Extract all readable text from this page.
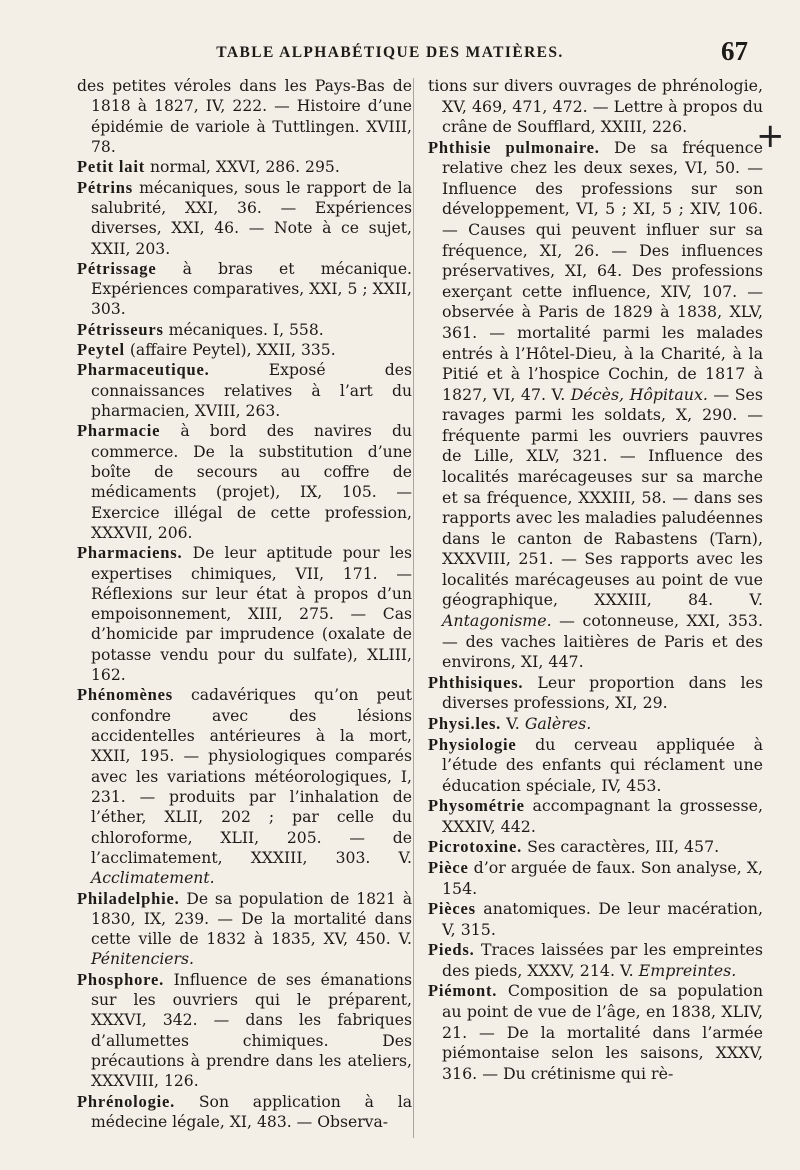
TABLE ALPHABÉTIQUE DES MATIÈRES.	67
+

des petites véroles dans les Pays-Bas de 1818 à 1827, IV, 222. — Histoire d’une épidémie de variole à Tuttlingen. XVIII, 78.

Petit lait normal, XXVI, 286. 295.

Pétrins mécaniques, sous le rapport de la salubrité, XXI, 36. — Expériences diverses, XXI, 46. — Note à ce sujet, XXII, 203.

Pétrissage à bras et mécanique. Expériences comparatives, XXI, 5 ; XXII, 303.

Pétrisseurs mécaniques. I, 558.

Peytel (affaire Peytel), XXII, 335.

Pharmaceutique. Exposé des connaissances relatives à l’art du pharmacien, XVIII, 263.

Pharmacie à bord des navires du commerce. De la substitution d’une boîte de secours au coffre de médicaments (projet), IX, 105. — Exercice illégal de cette profession, XXXVII, 206.

Pharmaciens. De leur aptitude pour les expertises chimiques, VII, 171. — Réflexions sur leur état à propos d’un empoisonnement, XIII, 275. — Cas d’homicide par imprudence (oxalate de potasse vendu pour du sulfate), XLIII, 162.

Phénomènes cadavériques qu’on peut confondre avec des lésions accidentelles antérieures à la mort, XXII, 195. — physiologiques comparés avec les variations météorologiques, I, 231. — produits par l’inhalation de l’éther, XLII, 202 ; par celle du chloroforme, XLII, 205. — de l’acclimatement, XXXIII, 303. V. Acclimatement.

Philadelphie. De sa population de 1821 à 1830, IX, 239. — De la mortalité dans cette ville de 1832 à 1835, XV, 450. V. Pénitenciers.

Phosphore. Influence de ses émanations sur les ouvriers qui le préparent, XXXVI, 342. — dans les fabriques d’allumettes chimiques. Des précautions à prendre dans les ateliers, XXXVIII, 126.

Phrénologie. Son application à la médecine légale, XI, 483. — Observa-

tions sur divers ouvrages de phrénologie, XV, 469, 471, 472. — Lettre à propos du crâne de Soufflard, XXIII, 226.

Phthisie pulmonaire. De sa fréquence relative chez les deux sexes, VI, 50. — Influence des professions sur son développement, VI, 5 ; XI, 5 ; XIV, 106. — Causes qui peuvent influer sur sa fréquence, XI, 26. — Des influences préservatives, XI, 64. Des professions exerçant cette influence, XIV, 107. — observée à Paris de 1829 à 1838, XLV, 361. — mortalité parmi les malades entrés à l’Hôtel-Dieu, à la Charité, à la Pitié et à l’hospice Cochin, de 1817 à 1827, VI, 47. V. Décès, Hôpitaux. — Ses ravages parmi les soldats, X, 290. — fréquente parmi les ouvriers pauvres de Lille, XLV, 321. — Influence des localités marécageuses sur sa marche et sa fréquence, XXXIII, 58. — dans ses rapports avec les maladies paludéennes dans le canton de Rabastens (Tarn), XXXVIII, 251. — Ses rapports avec les localités marécageuses au point de vue géographique, XXXIII, 84. V. Antagonisme. — cotonneuse, XXI, 353. — des vaches laitières de Paris et des environs, XI, 447.

Phthisiques. Leur proportion dans les diverses professions, XI, 29.

Physi.les. V. Galères.

Physiologie du cerveau appliquée à l’étude des enfants qui réclament une éducation spéciale, IV, 453.

Physométrie accompagnant la grossesse, XXXIV, 442.

Picrotoxine. Ses caractères, III, 457.

Pièce d’or arguée de faux. Son analyse, X, 154.

Pièces anatomiques. De leur macération, V, 315.

Pieds. Traces laissées par les empreintes des pieds, XXXV, 214. V. Empreintes.

Piémont. Composition de sa population au point de vue de l’âge, en 1838, XLIV, 21. — De la mortalité dans l’armée piémontaise selon les saisons, XXXV, 316. — Du crétinisme qui rè-
